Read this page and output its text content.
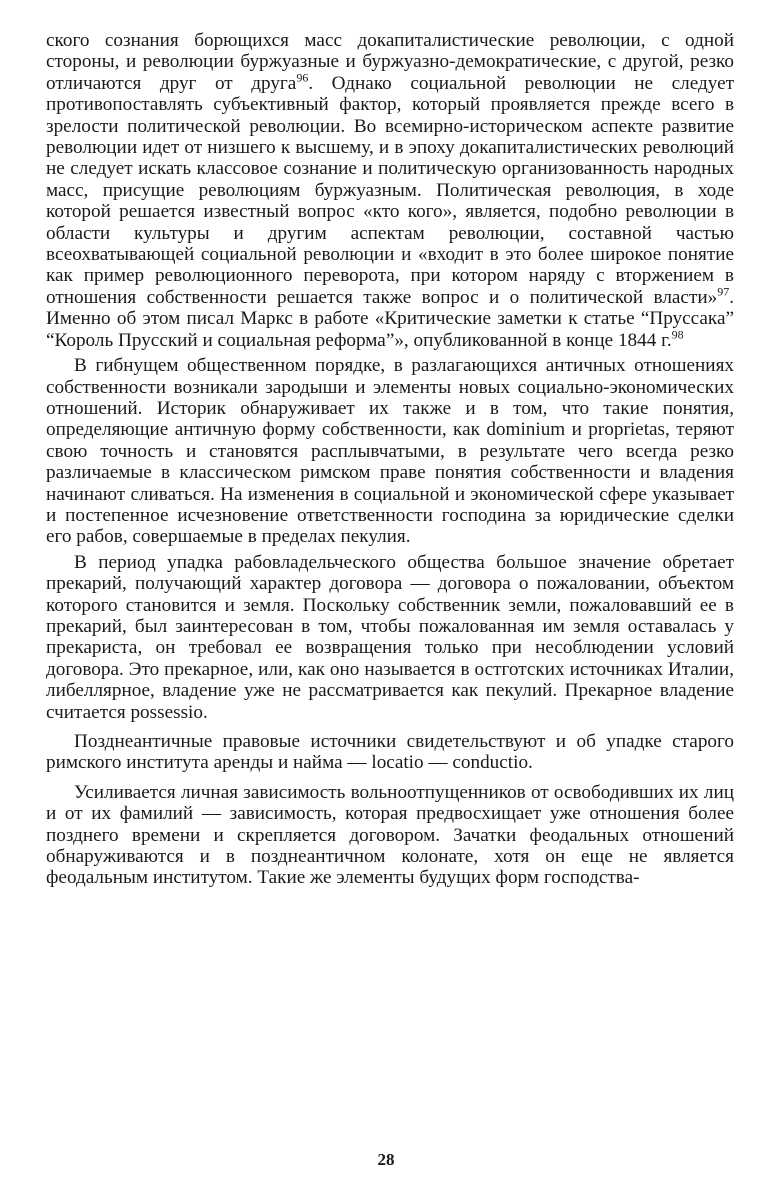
ского сознания борющихся масс докапиталистические революции, с одной стороны, и революции буржуазные и буржуазно-демократические, с другой, резко отличаются друг от друга$^{96}$. Однако социальной революции не следует противопоставлять субъективный фактор, который проявляется прежде всего в зрелости политической революции. Во всемирно-историческом аспекте развитие революции идет от низшего к высшему, и в эпоху докапиталистических революций не следует искать классовое сознание и политическую организованность народных масс, присущие революциям буржуазным. Политическая революция, в ходе которой решается известный вопрос «кто кого», является, подобно революции в области культуры и другим аспектам революции, составной частью всеохватывающей социальной революции и «входит в это более широкое понятие как пример революционного переворота, при котором наряду с вторжением в отношения собственности решается также вопрос и о политической власти»$^{97}$. Именно об этом писал Маркс в работе «Критические заметки к статье “Пруссака” “Король Прусский и социальная реформа”», опубликованной в конце 1844 г.$^{98}$

В гибнущем общественном порядке, в разлагающихся античных отношениях собственности возникали зародыши и элементы новых социально-экономических отношений. Историк обнаруживает их также и в том, что такие понятия, определяющие античную форму собственности, как dominium и proprietas, теряют свою точность и становятся расплывчатыми, в результате чего всегда резко различаемые в классическом римском праве понятия собственности и владения начинают сливаться. На изменения в социальной и экономической сфере указывает и постепенное исчезновение ответственности господина за юридические сделки его рабов, совершаемые в пределах пекулия.

В период упадка рабовладельческого общества большое значение обретает прекарий, получающий характер договора — договора о пожаловании, объектом которого становится и земля. Поскольку собственник земли, пожаловавший ее в прекарий, был заинтересован в том, чтобы пожалованная им земля оставалась у прекариста, он требовал ее возвращения только при несоблюдении условий договора. Это прекарное, или, как оно называется в остготских источниках Италии, либеллярное, владение уже не рассматривается как пекулий. Прекарное владение считается possessio.

Позднеантичные правовые источники свидетельствуют и об упадке старого римского института аренды и найма — locatio — conductio.

Усиливается личная зависимость вольноотпущенников от освободивших их лиц и от их фамилий — зависимость, которая предвосхищает уже отношения более позднего времени и скрепляется договором. Зачатки феодальных отношений обнаруживаются и в позднеантичном колонате, хотя он еще не является феодальным институтом. Такие же элементы будущих форм господства-

28
